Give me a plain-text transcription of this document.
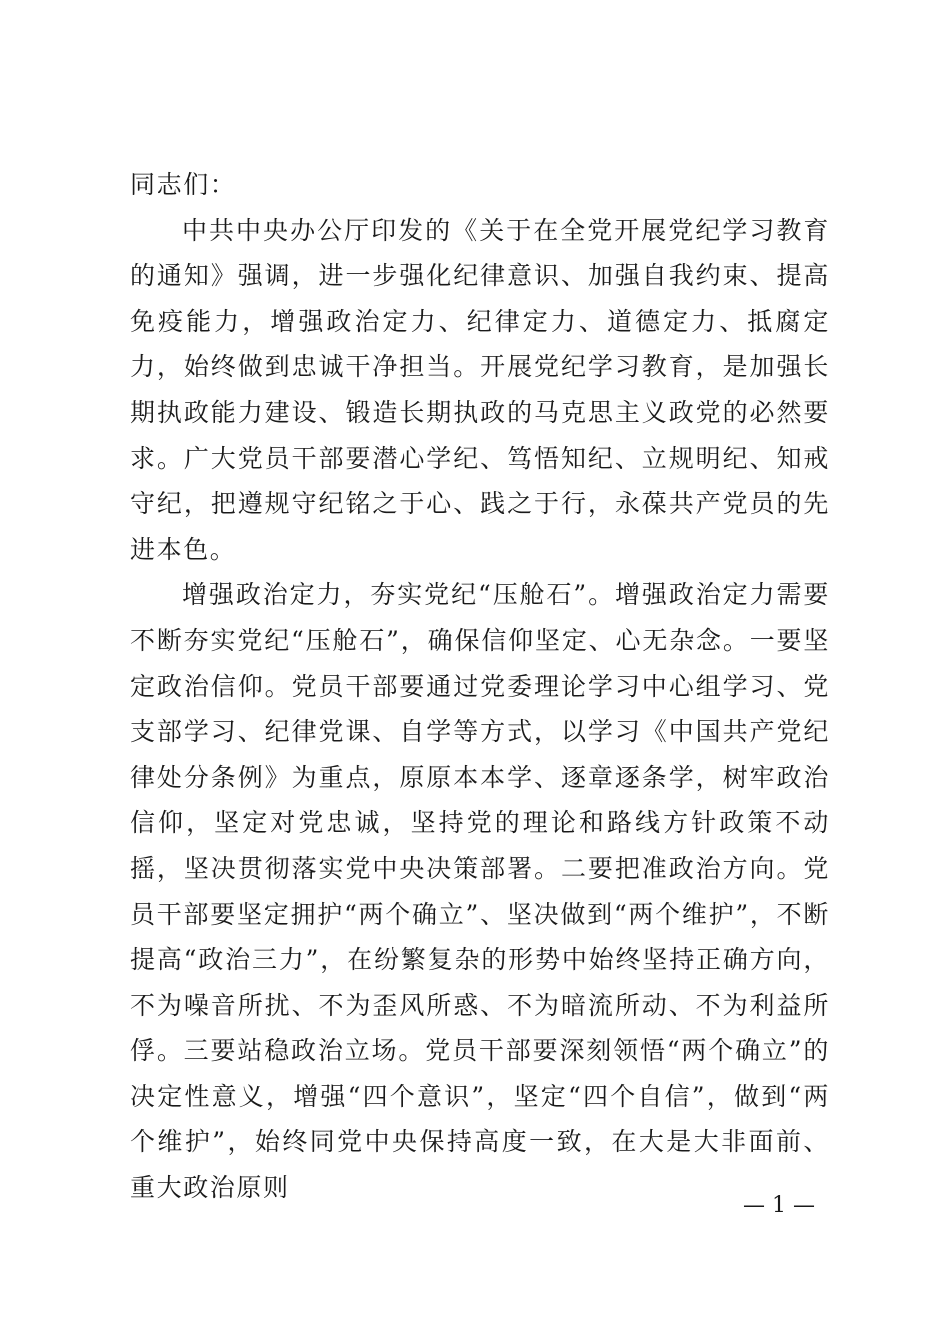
同志们：

中共中央办公厅印发的《关于在全党开展党纪学习教育的通知》强调，进一步强化纪律意识、加强自我约束、提高免疫能力，增强政治定力、纪律定力、道德定力、抵腐定力，始终做到忠诚干净担当。开展党纪学习教育，是加强长期执政能力建设、锻造长期执政的马克思主义政党的必然要求。广大党员干部要潜心学纪、笃悟知纪、立规明纪、知戒守纪，把遵规守纪铭之于心、践之于行，永葆共产党员的先进本色。

增强政治定力，夯实党纪“压舱石”。增强政治定力需要不断夯实党纪“压舱石”，确保信仰坚定、心无杂念。一要坚定政治信仰。党员干部要通过党委理论学习中心组学习、党支部学习、纪律党课、自学等方式，以学习《中国共产党纪律处分条例》为重点，原原本本学、逐章逐条学，树牢政治信仰，坚定对党忠诚，坚持党的理论和路线方针政策不动摇，坚决贯彻落实党中央决策部署。二要把准政治方向。党员干部要坚定拥护“两个确立”、坚决做到“两个维护”，不断提高“政治三力”，在纷繁复杂的形势中始终坚持正确方向，不为噪音所扰、不为歪风所惑、不为暗流所动、不为利益所俘。三要站稳政治立场。党员干部要深刻领悟“两个确立”的决定性意义，增强“四个意识”，坚定“四个自信”，做到“两个维护”，始终同党中央保持高度一致，在大是大非面前、重大政治原则

— 1 —
